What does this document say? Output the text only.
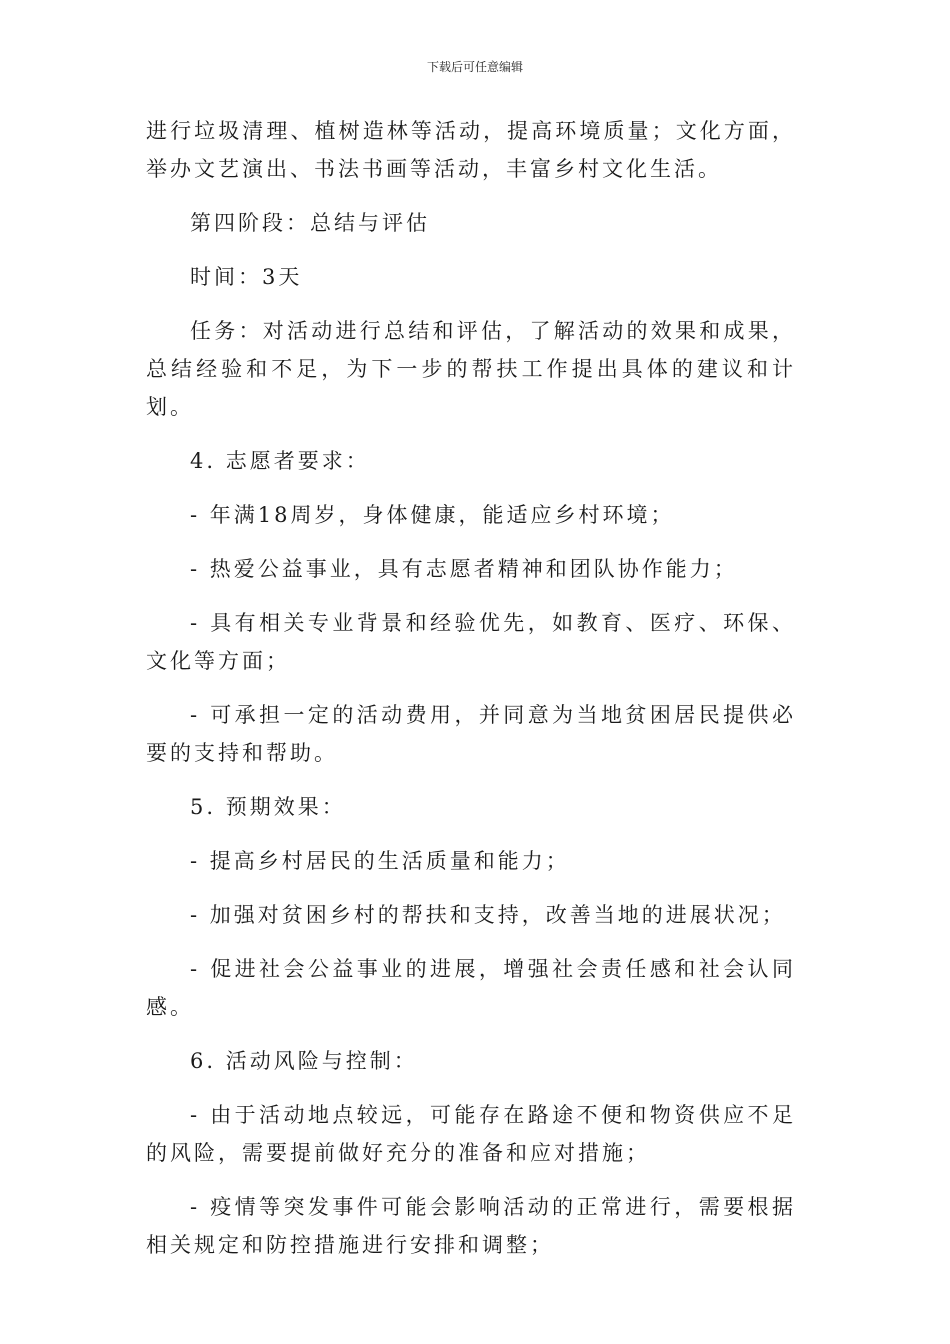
下载后可任意编辑

进行垃圾清理、植树造林等活动，提高环境质量；文化方面，举办文艺演出、书法书画等活动，丰富乡村文化生活。

第四阶段：总结与评估

时间：3天

任务：对活动进行总结和评估，了解活动的效果和成果，总结经验和不足，为下一步的帮扶工作提出具体的建议和计划。

4. 志愿者要求：

- 年满18周岁，身体健康，能适应乡村环境；

- 热爱公益事业，具有志愿者精神和团队协作能力；

- 具有相关专业背景和经验优先，如教育、医疗、环保、文化等方面；

- 可承担一定的活动费用，并同意为当地贫困居民提供必要的支持和帮助。

5. 预期效果：

- 提高乡村居民的生活质量和能力；

- 加强对贫困乡村的帮扶和支持，改善当地的进展状况；

- 促进社会公益事业的进展，增强社会责任感和社会认同感。

6. 活动风险与控制：

- 由于活动地点较远，可能存在路途不便和物资供应不足的风险，需要提前做好充分的准备和应对措施；

- 疫情等突发事件可能会影响活动的正常进行，需要根据相关规定和防控措施进行安排和调整；
